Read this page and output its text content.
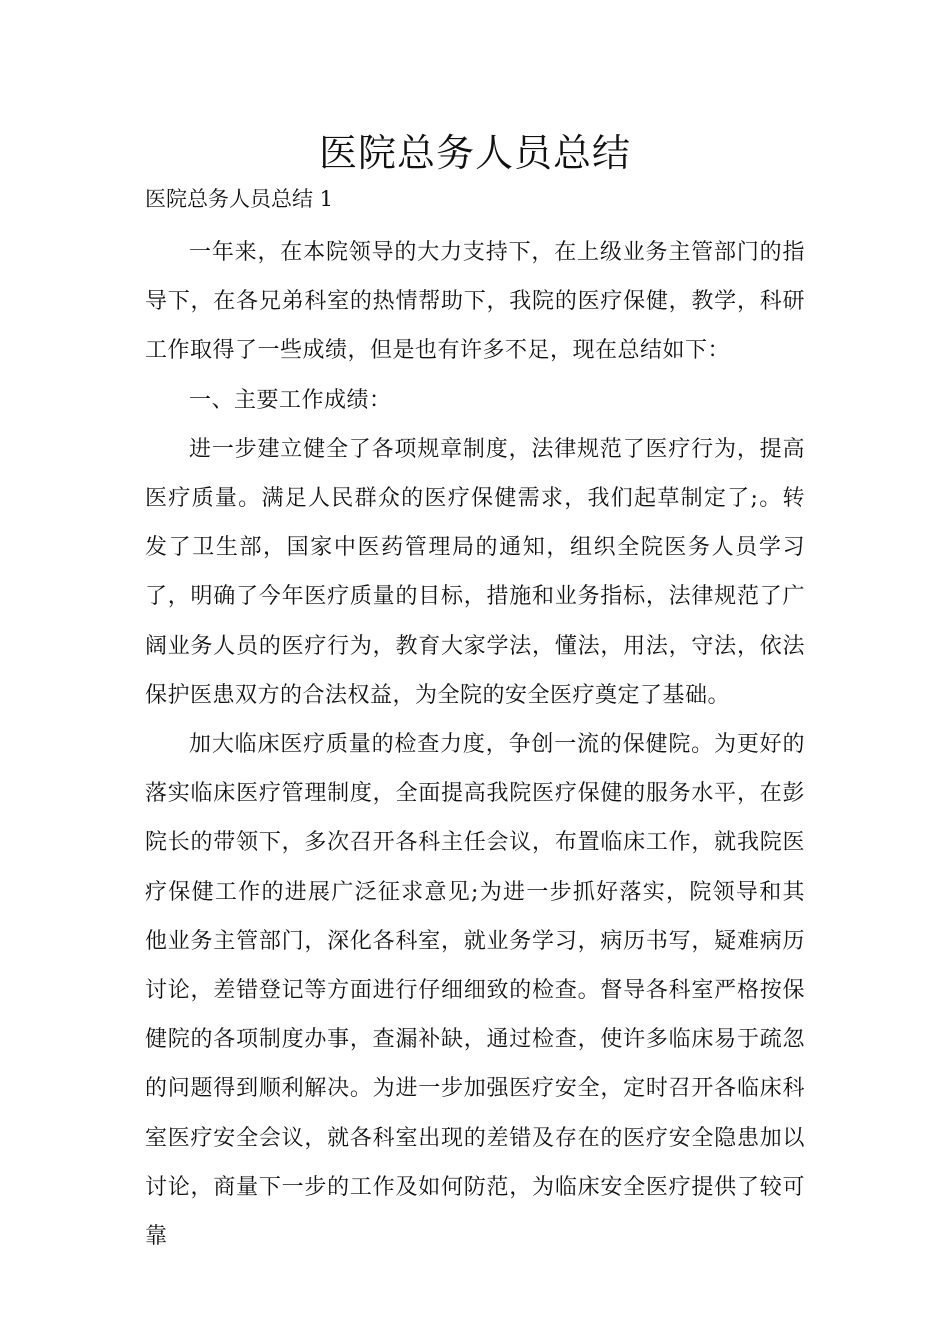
医院总务人员总结
医院总务人员总结 1

一年来，在本院领导的大力支持下，在上级业务主管部门的指导下，在各兄弟科室的热情帮助下，我院的医疗保健，教学，科研工作取得了一些成绩，但是也有许多不足，现在总结如下：

一、主要工作成绩：

进一步建立健全了各项规章制度，法律规范了医疗行为，提高医疗质量。满足人民群众的医疗保健需求，我们起草制定了;。转发了卫生部，国家中医药管理局的通知，组织全院医务人员学习了，明确了今年医疗质量的目标，措施和业务指标，法律规范了广阔业务人员的医疗行为，教育大家学法，懂法，用法，守法，依法保护医患双方的合法权益，为全院的安全医疗奠定了基础。

加大临床医疗质量的检查力度，争创一流的保健院。为更好的落实临床医疗管理制度，全面提高我院医疗保健的服务水平，在彭院长的带领下，多次召开各科主任会议，布置临床工作，就我院医疗保健工作的进展广泛征求意见;为进一步抓好落实，院领导和其他业务主管部门，深化各科室，就业务学习，病历书写，疑难病历讨论，差错登记等方面进行仔细细致的检查。督导各科室严格按保健院的各项制度办事，查漏补缺，通过检查，使许多临床易于疏忽的问题得到顺利解决。为进一步加强医疗安全，定时召开各临床科室医疗安全会议，就各科室出现的差错及存在的医疗安全隐患加以讨论，商量下一步的工作及如何防范，为临床安全医疗提供了较可靠
